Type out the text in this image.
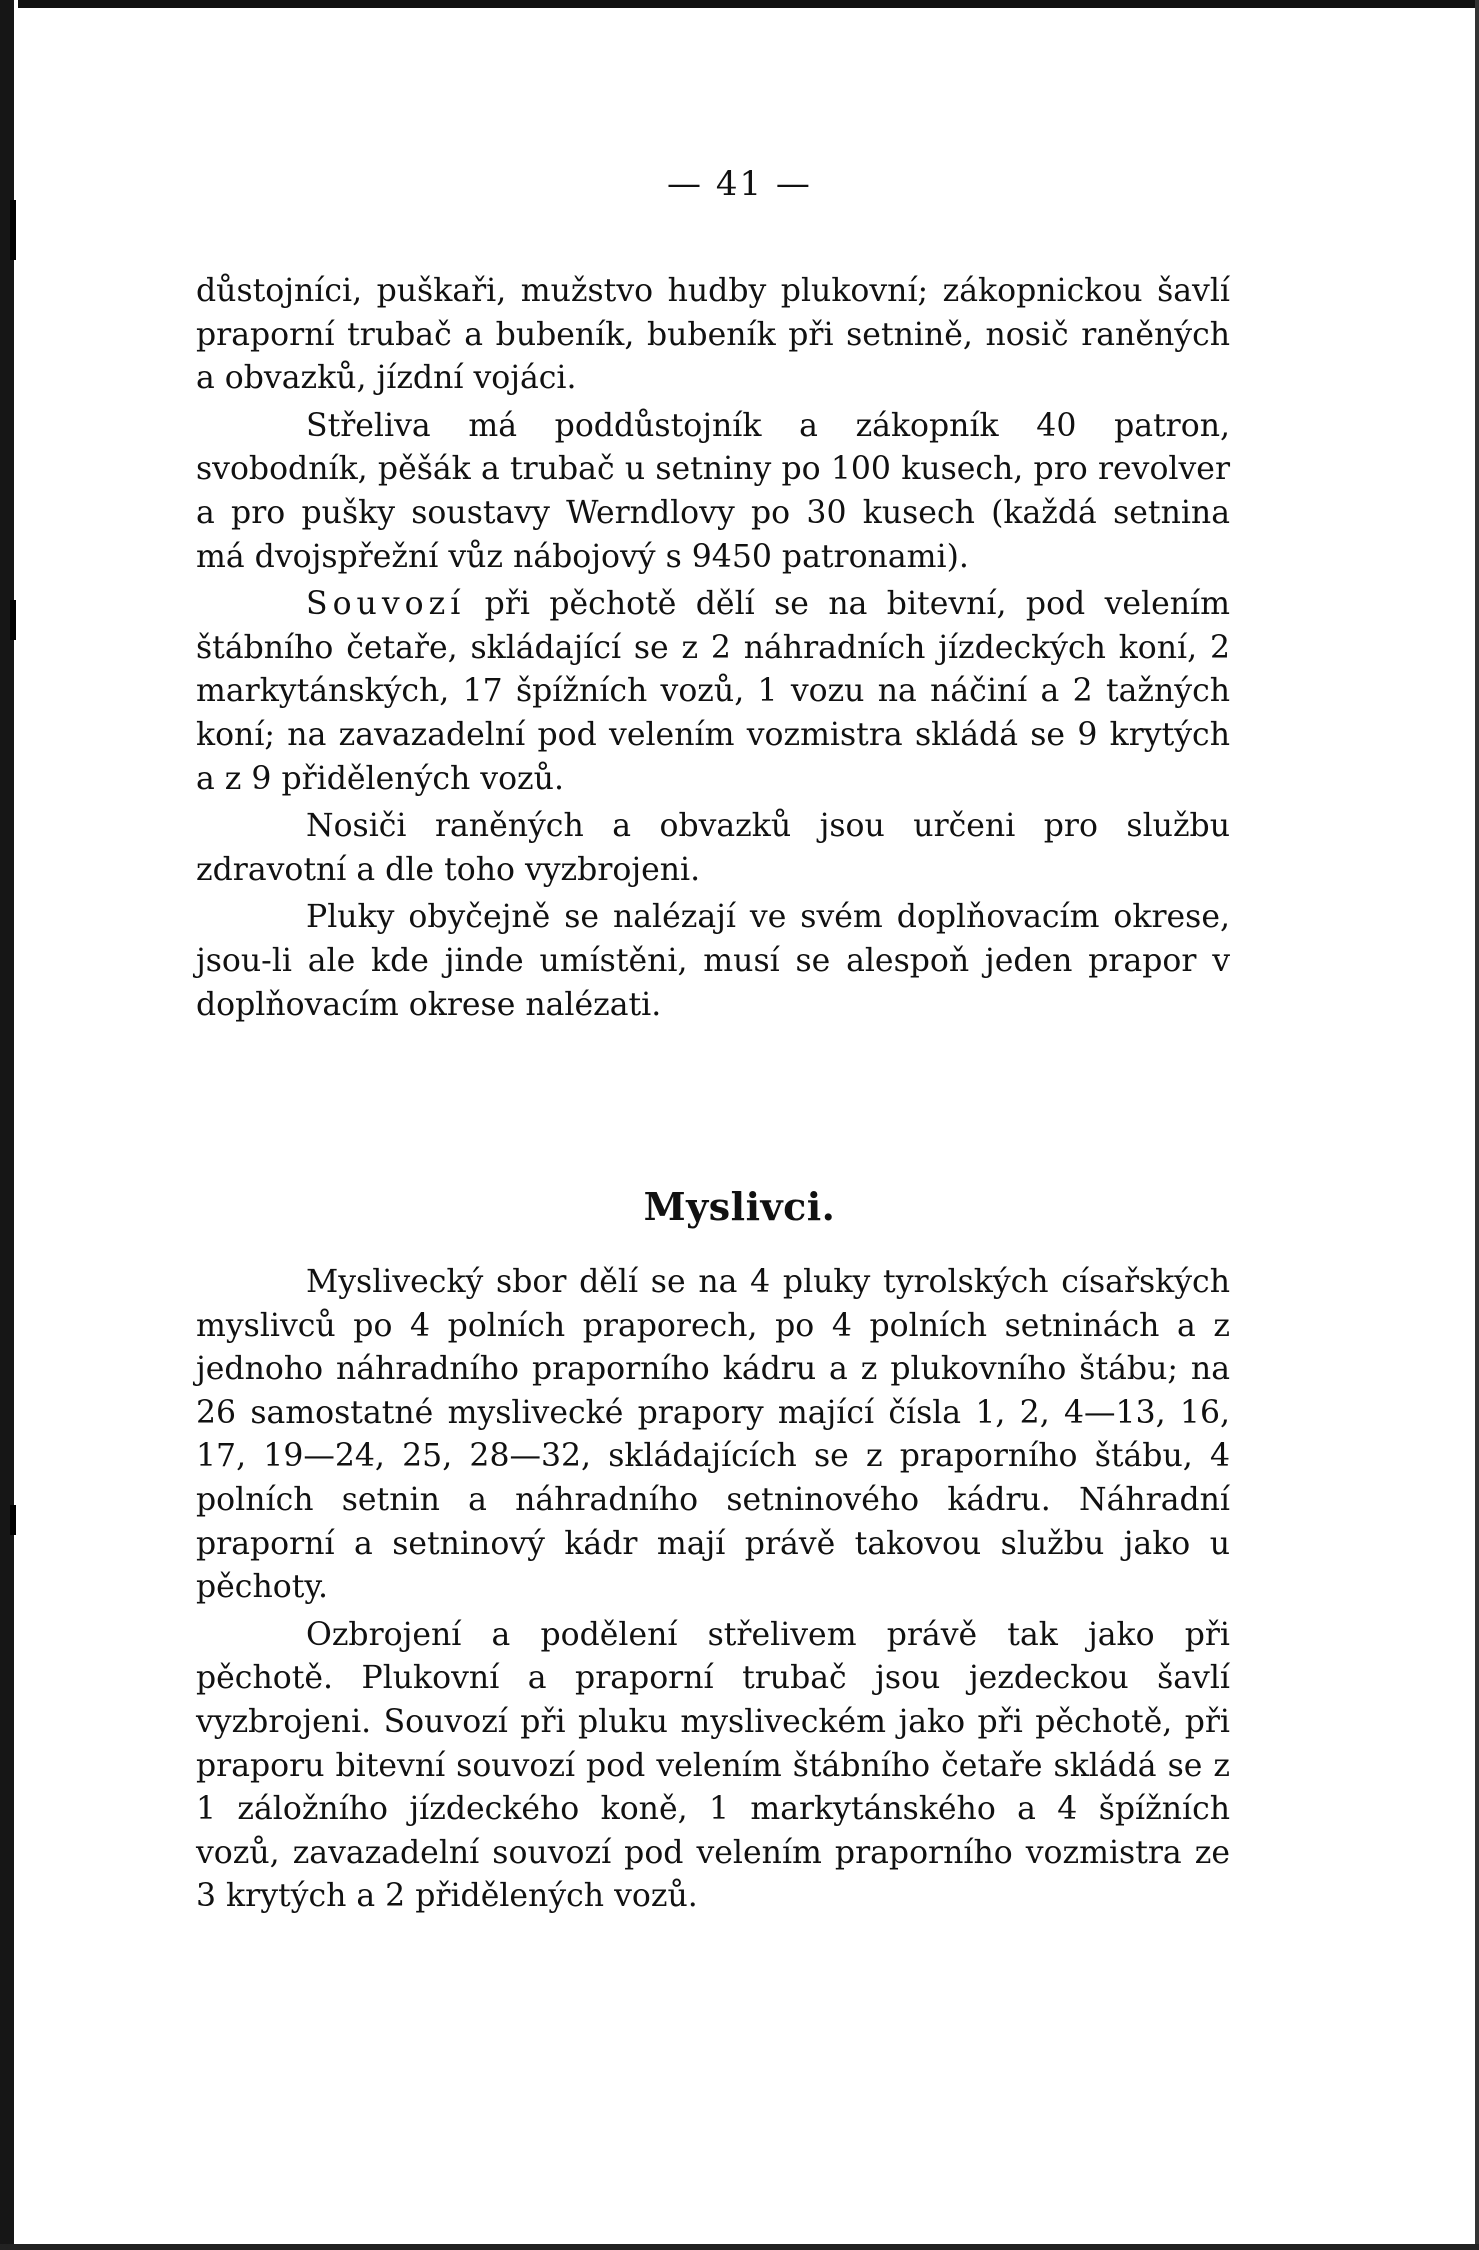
— 41 —

důstojníci, puškaři, mužstvo hudby plukovní; zákopnickou šavlí praporní trubač a bubeník, bubeník při setnině, nosič raněných a obvazků, jízdní vojáci.

Střeliva má poddůstojník a zákopník 40 patron, svobodník, pěšák a trubač u setniny po 100 kusech, pro revolver a pro pušky soustavy Werndlovy po 30 kusech (každá setnina má dvojspřežní vůz nábojový s 9450 patronami).

Souvozí při pěchotě dělí se na bitevní, pod velením štábního četaře, skládající se z 2 náhradních jízdeckých koní, 2 markytánských, 17 špížních vozů, 1 vozu na náčiní a 2 tažných koní; na zavazadelní pod velením vozmistra skládá se 9 krytých a z 9 přidělených vozů.

Nosiči raněných a obvazků jsou určeni pro službu zdravotní a dle toho vyzbrojeni.

Pluky obyčejně se nalézají ve svém doplňovacím okrese, jsou-li ale kde jinde umístěni, musí se alespoň jeden prapor v doplňovacím okrese nalézati.

Myslivci.

Myslivecký sbor dělí se na 4 pluky tyrolských císařských myslivců po 4 polních praporech, po 4 polních setninách a z jednoho náhradního praporního kádru a z plukovního štábu; na 26 samostatné myslivecké prapory mající čísla 1, 2, 4—13, 16, 17, 19—24, 25, 28—32, skládajících se z praporního štábu, 4 polních setnin a náhradního setninového kádru. Náhradní praporní a setninový kádr mají právě takovou službu jako u pěchoty.

Ozbrojení a podělení střelivem právě tak jako při pěchotě. Plukovní a praporní trubač jsou jezdeckou šavlí vyzbrojeni. Souvozí při pluku mysliveckém jako při pěchotě, při praporu bitevní souvozí pod velením štábního četaře skládá se z 1 záložního jízdeckého koně, 1 markytánského a 4 špížních vozů, zavazadelní souvozí pod velením praporního vozmistra ze 3 krytých a 2 přidělených vozů.
